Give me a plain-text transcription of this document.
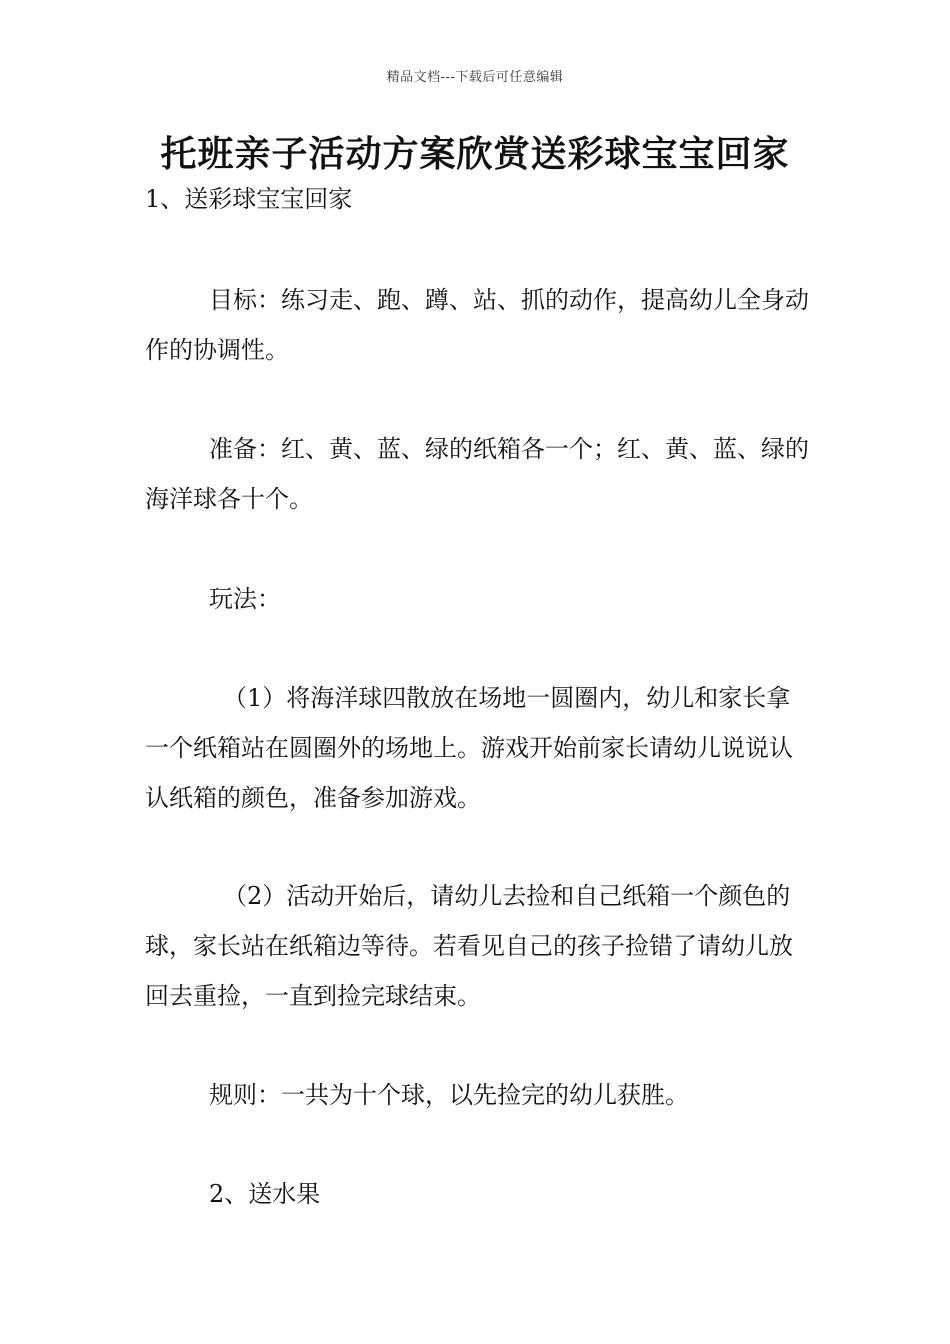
精品文档---下载后可任意编辑
托班亲子活动方案欣赏送彩球宝宝回家

1、送彩球宝宝回家

目标：练习走、跑、蹲、站、抓的动作，提高幼儿全身动作的协调性。

准备：红、黄、蓝、绿的纸箱各一个；红、黄、蓝、绿的海洋球各十个。

玩法：

（1）将海洋球四散放在场地一圆圈内，幼儿和家长拿一个纸箱站在圆圈外的场地上。游戏开始前家长请幼儿说说认认纸箱的颜色，准备参加游戏。

（2）活动开始后，请幼儿去捡和自己纸箱一个颜色的球，家长站在纸箱边等待。若看见自己的孩子捡错了请幼儿放回去重捡，一直到捡完球结束。

规则：一共为十个球，以先捡完的幼儿获胜。

2、送水果
